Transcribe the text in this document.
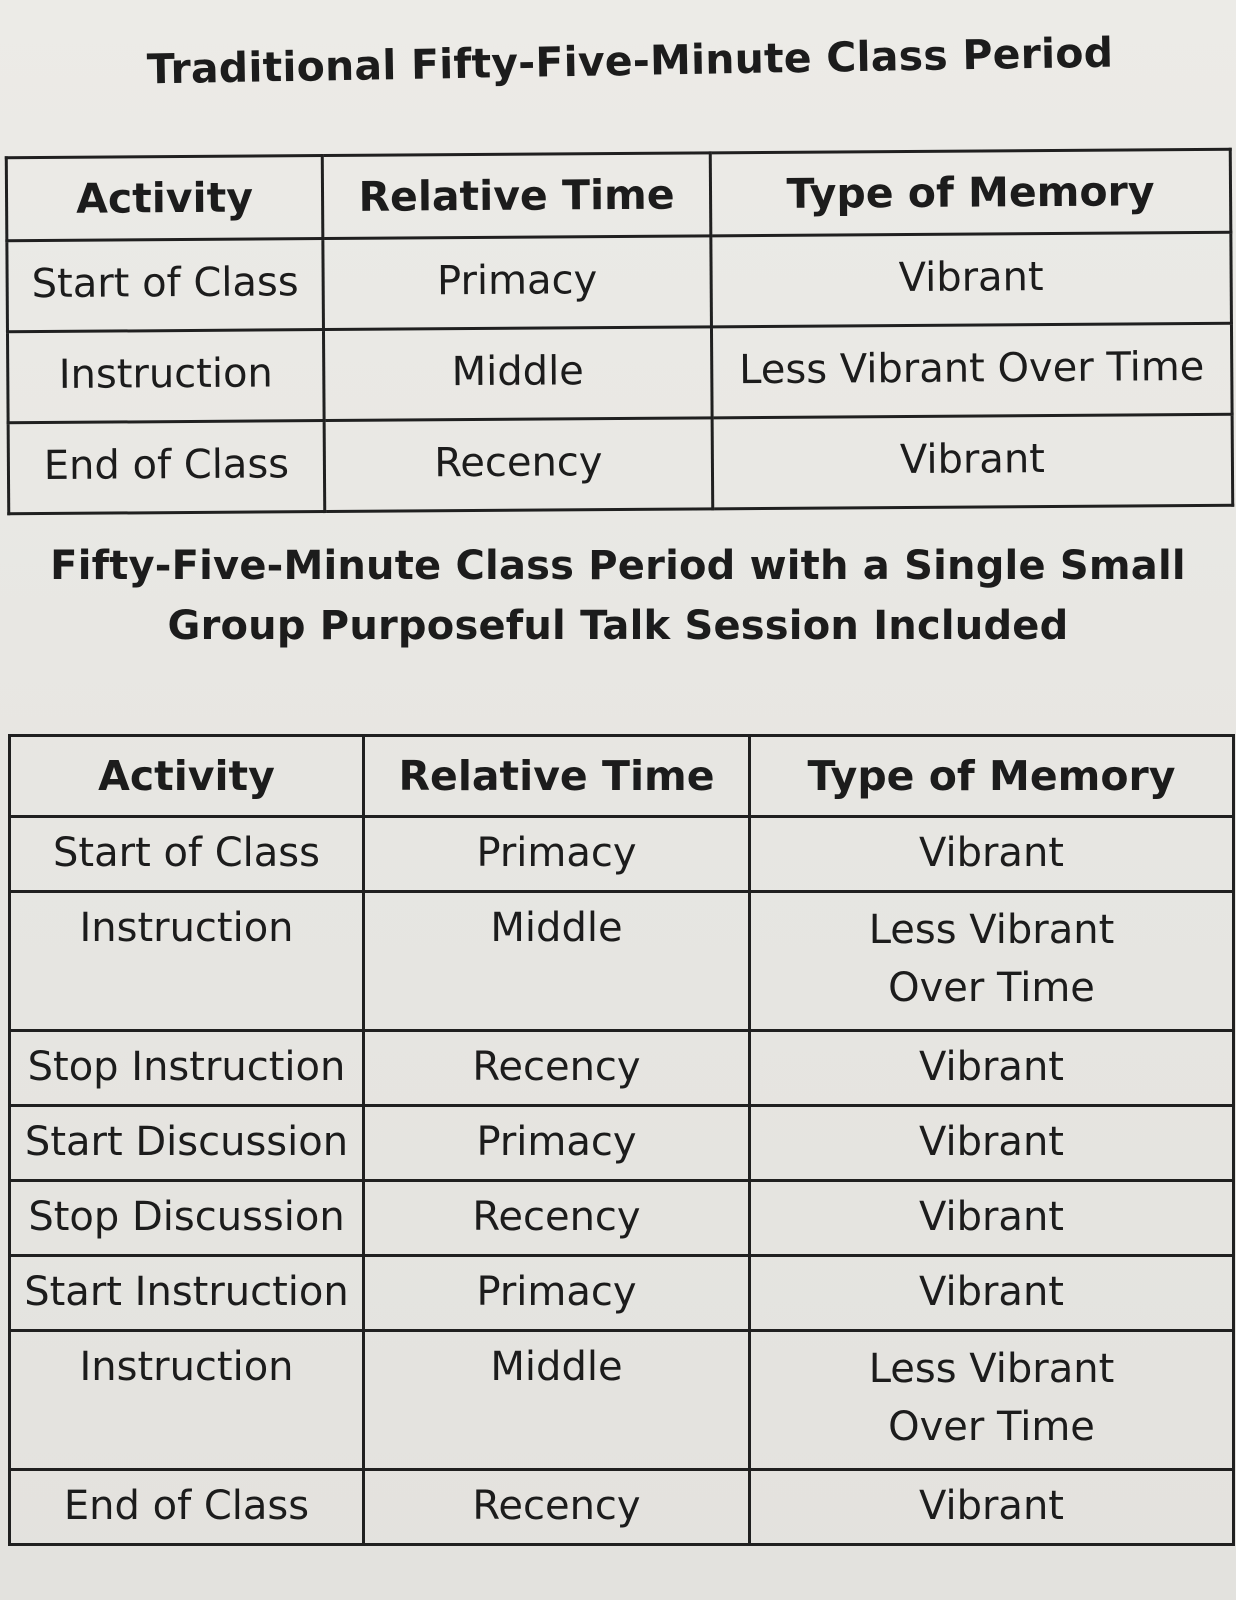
Traditional Fifty-Five-Minute Class Period
Activity	Relative Time	Type of Memory
Start of Class	Primacy	Vibrant
Instruction	Middle	Less Vibrant Over Time
End of Class	Recency	Vibrant
Fifty-Five-Minute Class Period with a Single Small
Group Purposeful Talk Session Included
Activity	Relative Time	Type of Memory
Start of Class	Primacy	Vibrant
Instruction	Middle	Less Vibrant
Over Time

Stop Instruction	Recency	Vibrant
Start Discussion	Primacy	Vibrant
Stop Discussion	Recency	Vibrant
Start Instruction	Primacy	Vibrant
Instruction	Middle	Less Vibrant
Over Time

End of Class	Recency	Vibrant
